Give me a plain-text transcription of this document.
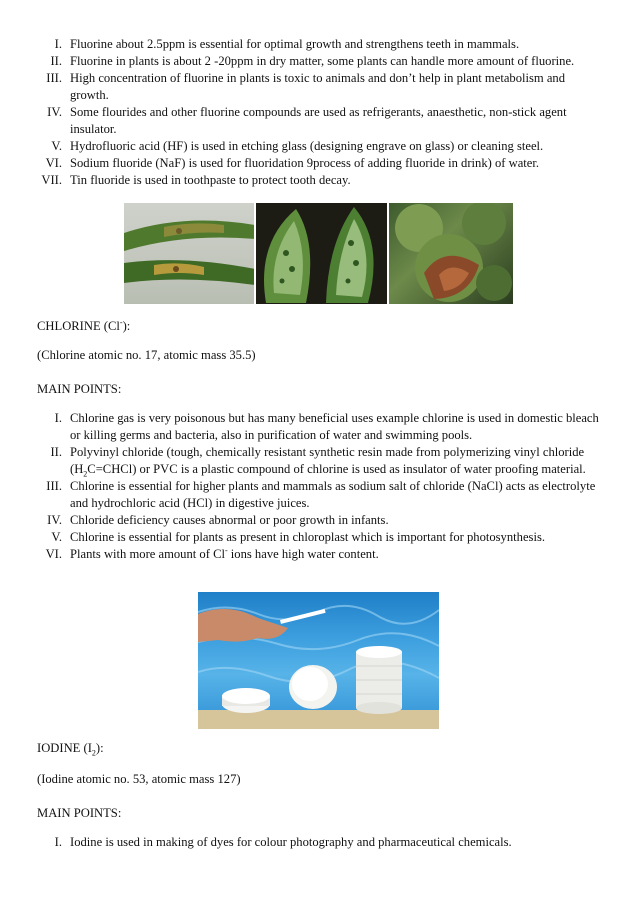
I. Fluorine about 2.5ppm is essential for optimal growth and strengthens teeth in mammals.
II. Fluorine in plants is about 2 -20ppm in dry matter, some plants can handle more amount of fluorine.
III. High concentration of fluorine in plants is toxic to animals and don’t help in plant metabolism and growth.
IV. Some flourides and other fluorine compounds are used as refrigerants, anaesthetic, non-stick agent insulator.
V. Hydrofluoric acid (HF) is used in etching glass (designing engrave on glass) or cleaning steel.
VI. Sodium fluoride (NaF) is used for fluoridation 9process of adding fluoride in drink) of water.
VII. Tin fluoride is used in toothpaste to protect tooth decay.

CHLORINE (Cl-):

(Chlorine atomic no. 17, atomic mass 35.5)

MAIN POINTS:

I. Chlorine gas is very poisonous but has many beneficial uses example chlorine is used in domestic bleach or killing germs and bacteria, also in purification of water and swimming pools.
II. Polyvinyl chloride (tough, chemically resistant synthetic resin made from polymerizing vinyl chloride $(H_2C=CHCl)$ or PVC is a plastic compound of chlorine is used as insulator of water proofing material.
III. Chlorine is essential for higher plants and mammals as sodium salt of chloride (NaCl) acts as electrolyte and hydrochloric acid (HCl) in digestive juices.
IV. Chloride deficiency causes abnormal or poor growth in infants.
V. Chlorine is essential for plants as present in chloroplast which is important for photosynthesis.
VI. Plants with more amount of Cl- ions have high water content.

IODINE $(I_2)$:

(Iodine atomic no. 53, atomic mass 127)

MAIN POINTS:

I. Iodine is used in making of dyes for colour photography and pharmaceutical chemicals.
